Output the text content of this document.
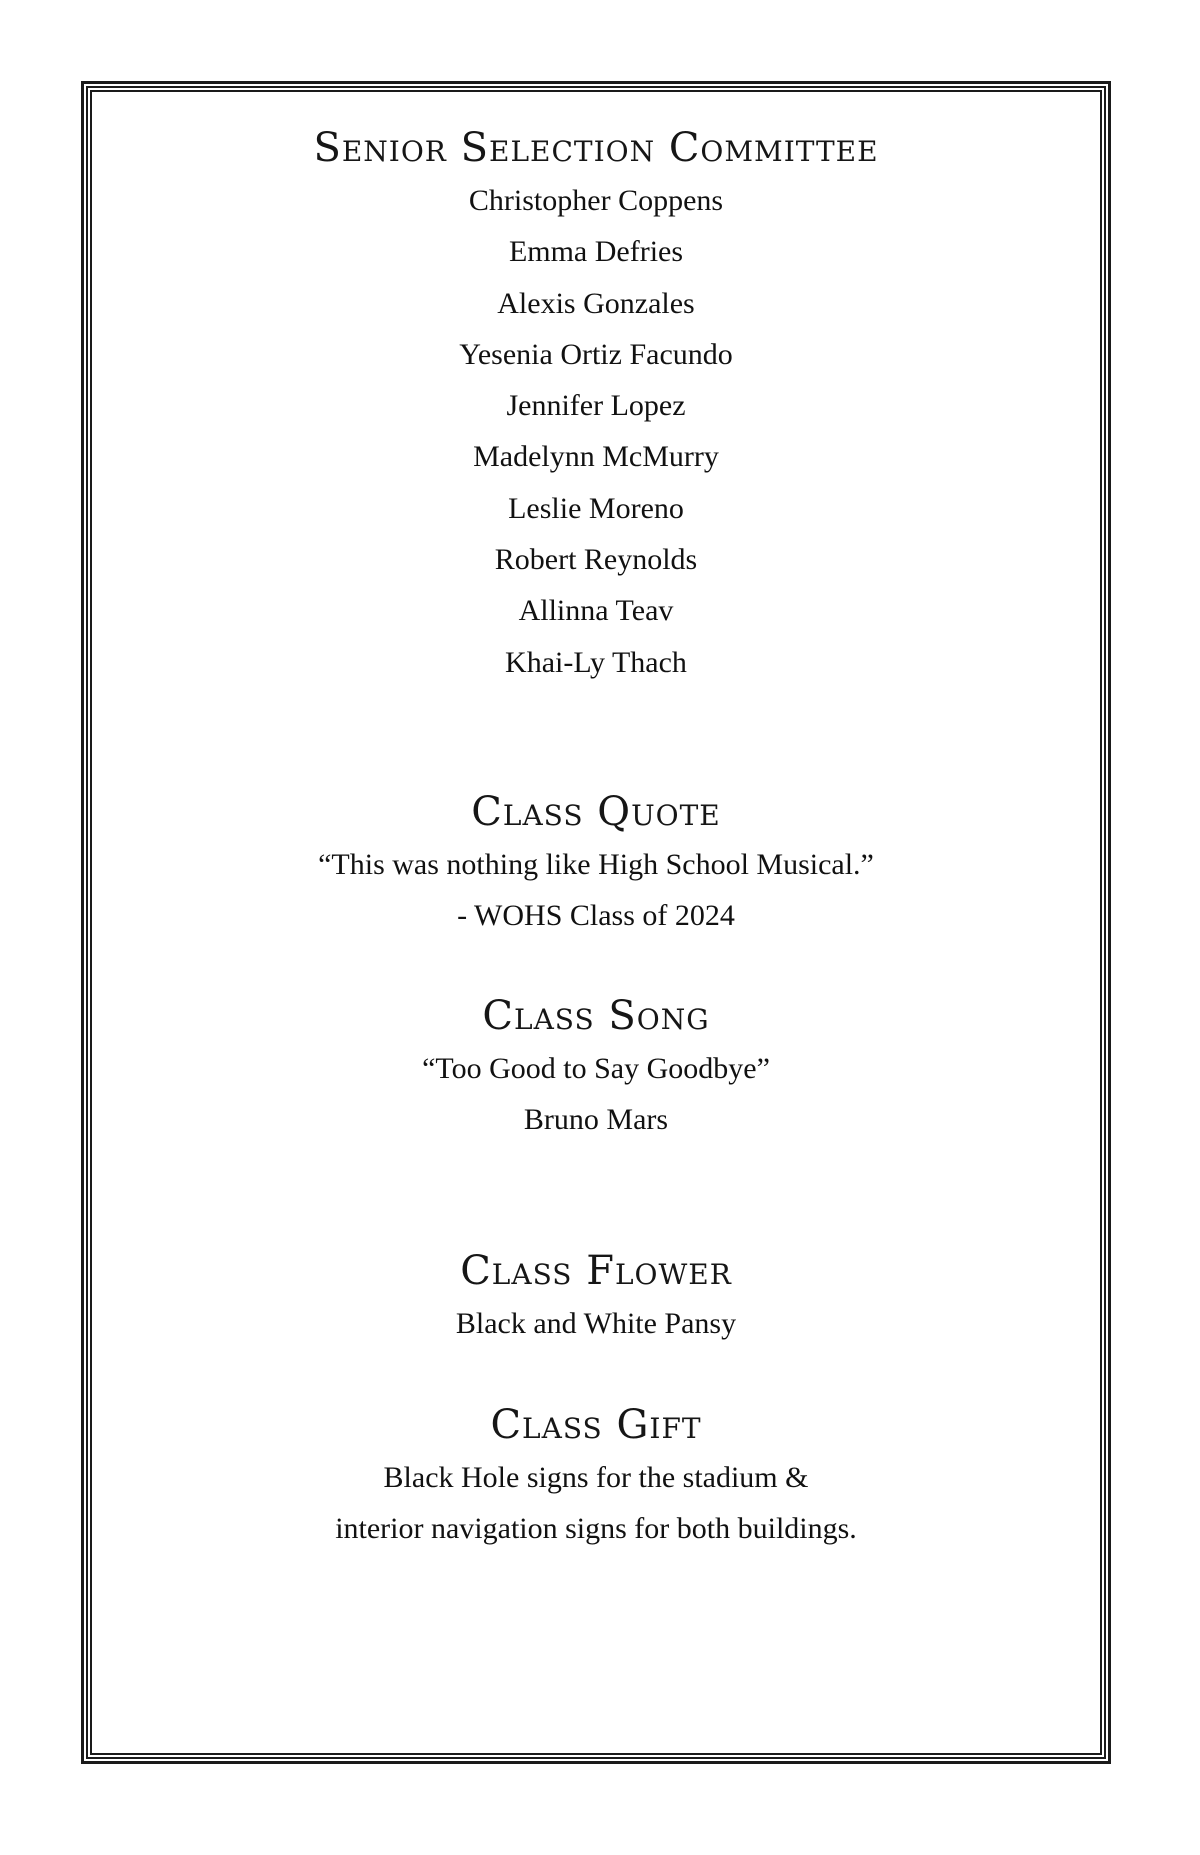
Senior Selection Committee

Christopher Coppens

Emma Defries

Alexis Gonzales

Yesenia Ortiz Facundo

Jennifer Lopez

Madelynn McMurry

Leslie Moreno

Robert Reynolds

Allinna Teav

Khai-Ly Thach

Class Quote

“This was nothing like High School Musical.”

- WOHS Class of 2024

Class Song

“Too Good to Say Goodbye”

Bruno Mars

Class Flower

Black and White Pansy

Class Gift

Black Hole signs for the stadium &

interior navigation signs for both buildings.
